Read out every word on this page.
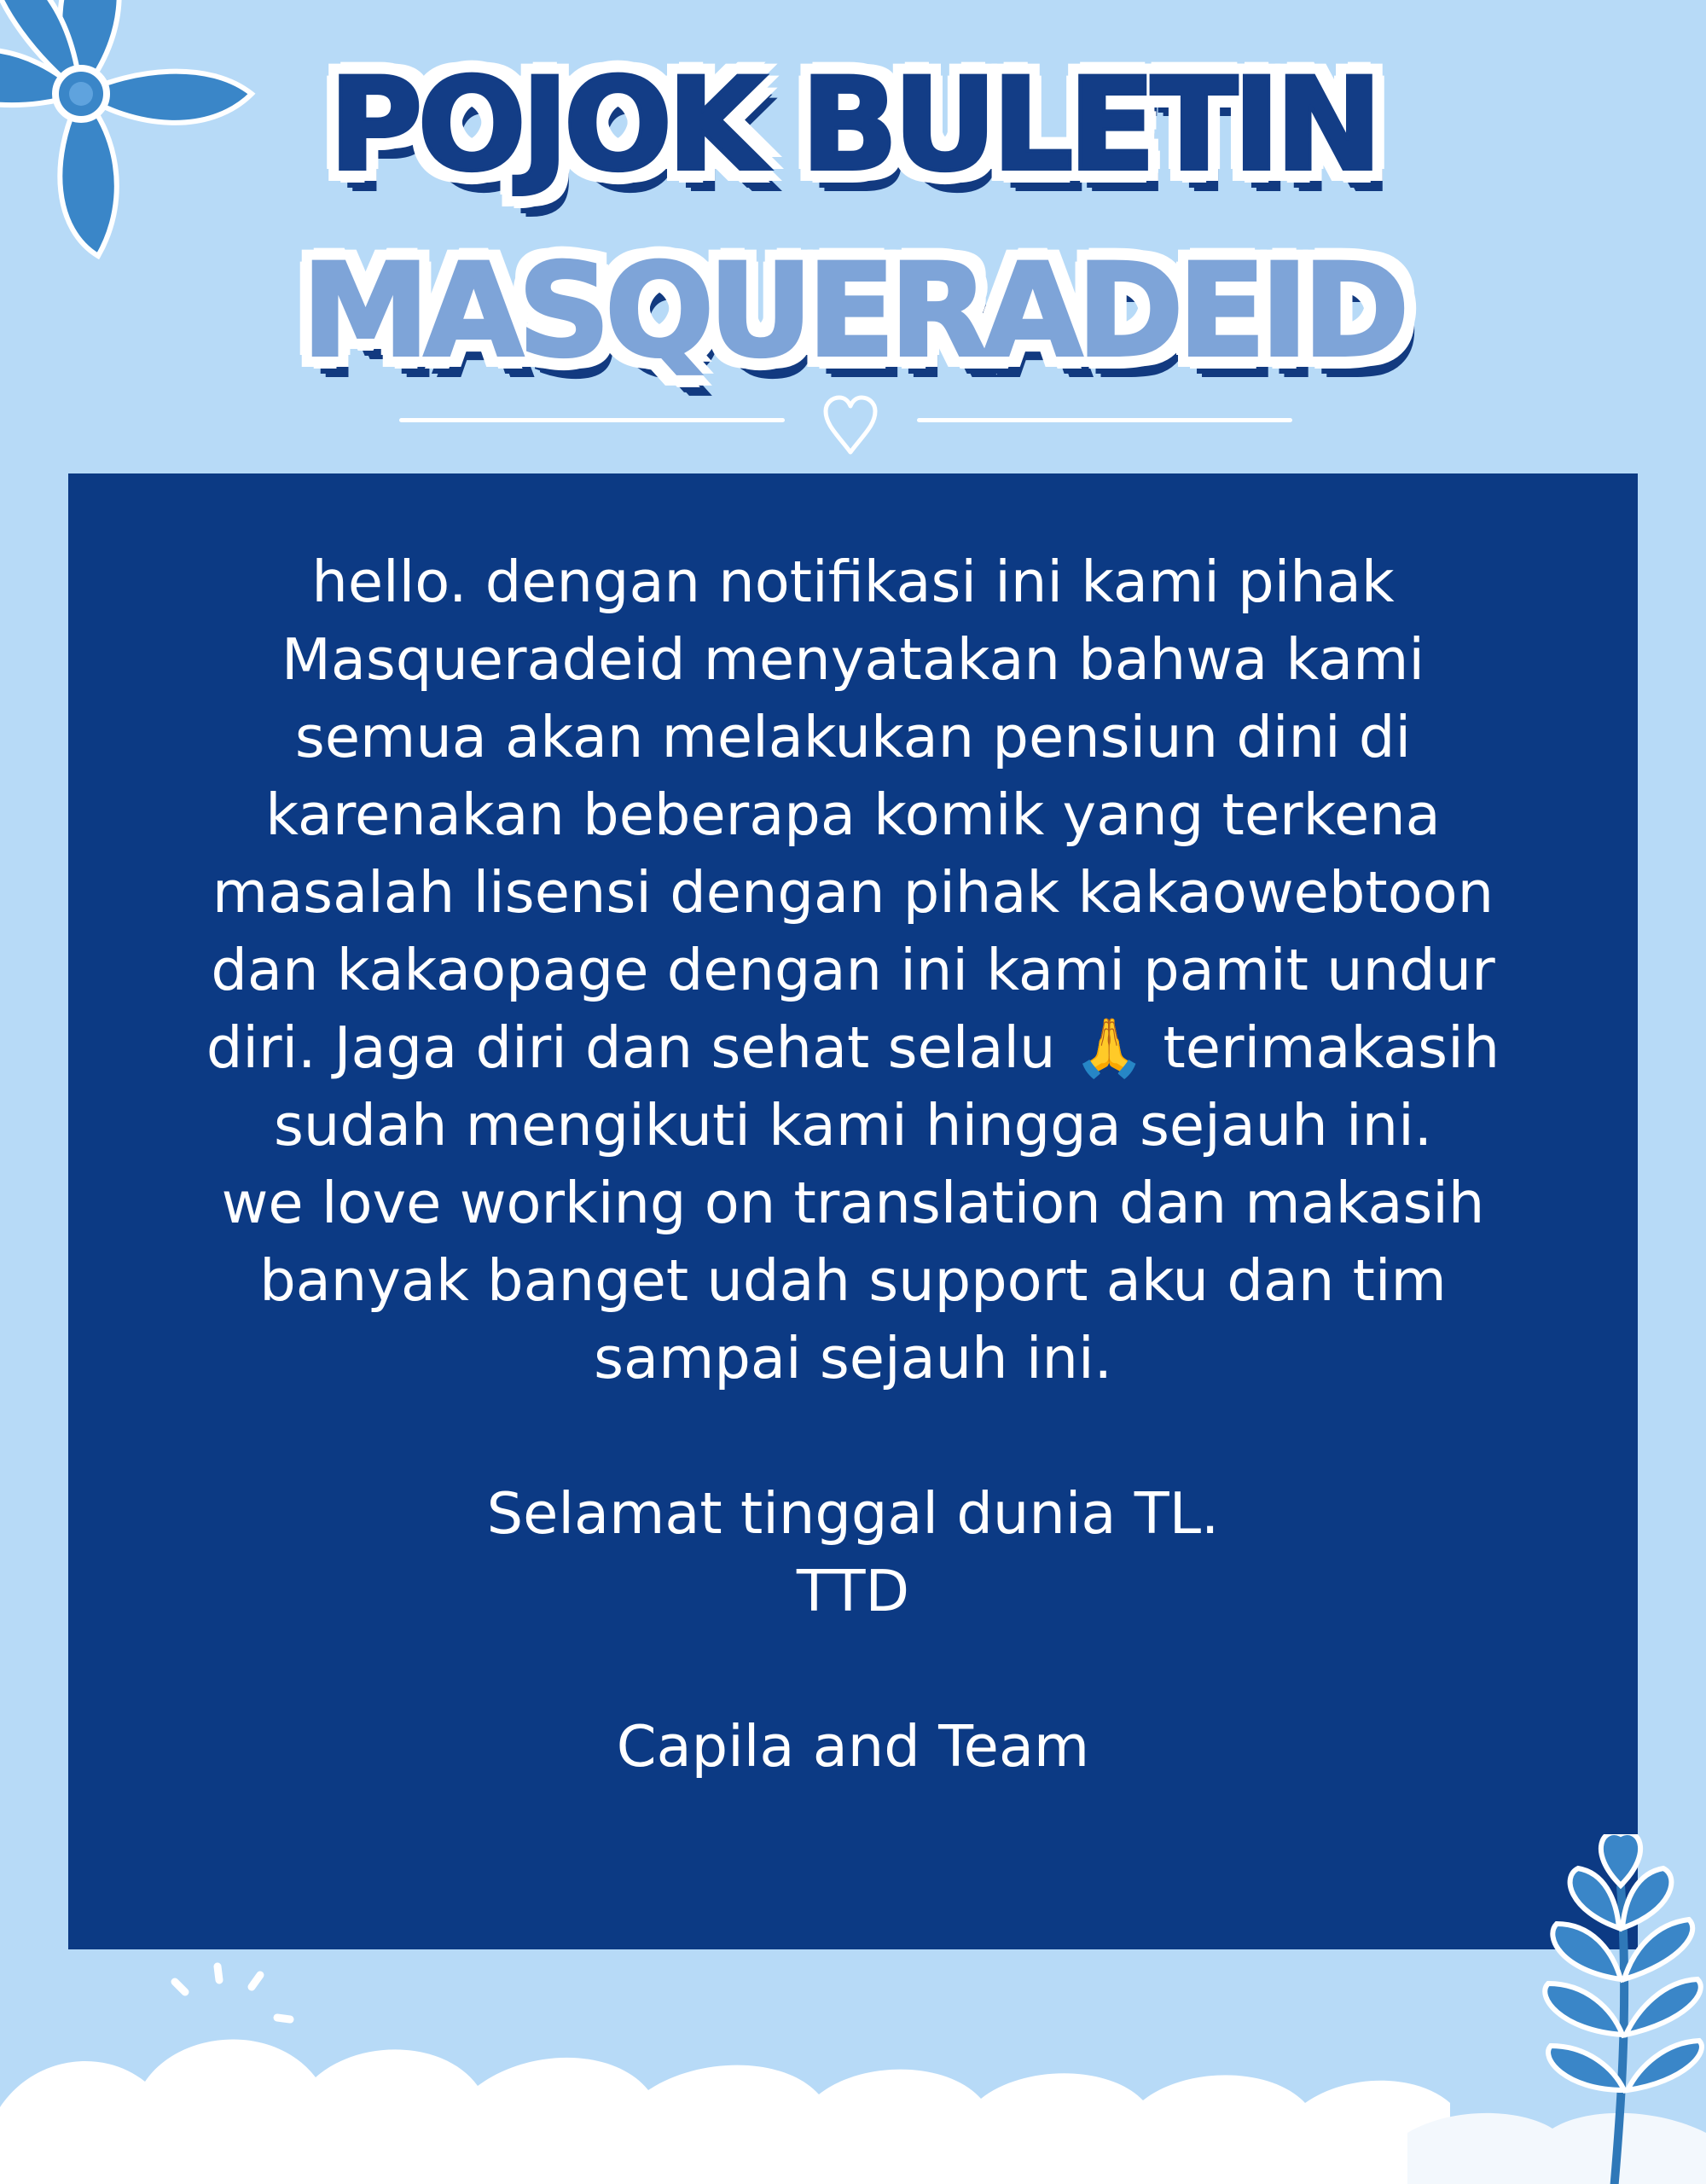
POJOK BULETIN
MASQUERADEID

hello. dengan notifikasi ini kami pihak

Masqueradeid menyatakan bahwa kami

semua akan melakukan pensiun dini di

karenakan beberapa komik yang terkena

masalah lisensi dengan pihak kakaowebtoon

dan kakaopage dengan ini kami pamit undur

diri. Jaga diri dan sehat selalu 🙏 terimakasih

sudah mengikuti kami hingga sejauh ini.

we love working on translation dan makasih

banyak banget udah support aku dan tim

sampai sejauh ini.

Selamat tinggal dunia TL.

TTD

Capila and Team
